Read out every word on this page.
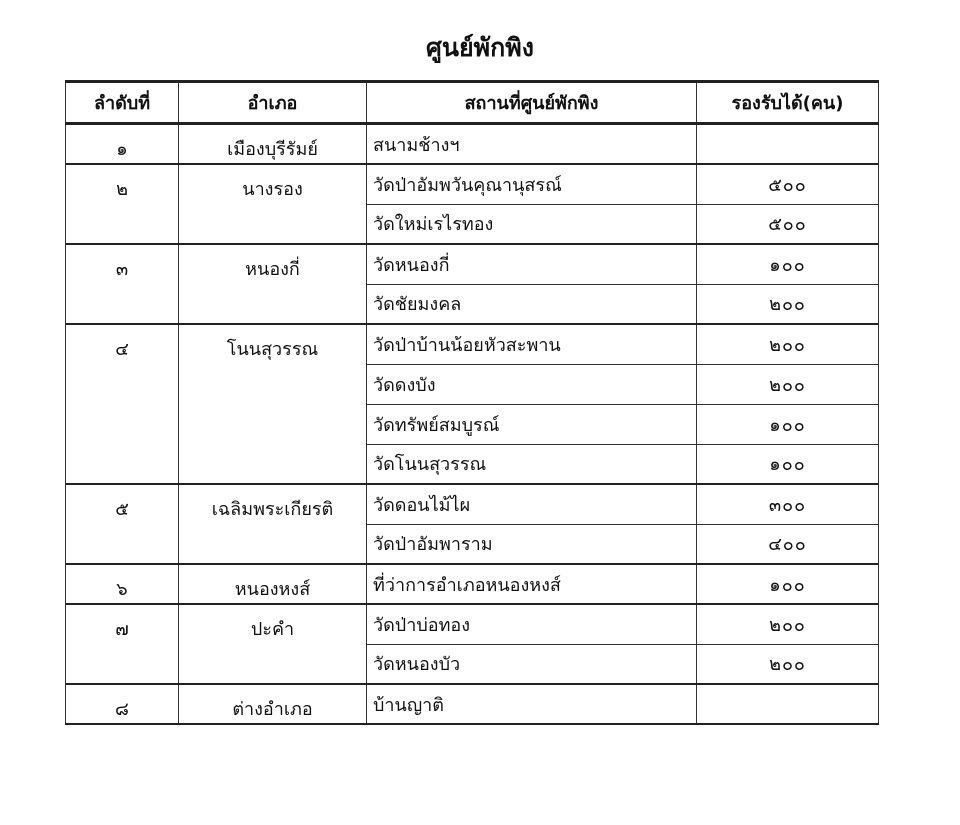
ศูนย์พักพิง
ลำดับที่	อำเภอ	สถานที่ศูนย์พักพิง	รองรับได้(คน)
๑	เมืองบุรีรัมย์	สนามช้างฯ	
๒	นางรอง	วัดป่าอัมพวันคุณานุสรณ์	๕๐๐
		วัดใหม่เรไรทอง	๕๐๐
๓	หนองกี่	วัดหนองกี่	๑๐๐
		วัดชัยมงคล	๒๐๐
๔	โนนสุวรรณ	วัดป่าบ้านน้อยหัวสะพาน	๒๐๐
		วัดดงบัง	๒๐๐
		วัดทรัพย์สมบูรณ์	๑๐๐
		วัดโนนสุวรรณ	๑๐๐
๕	เฉลิมพระเกียรติ	วัดดอนไม้ไผ	๓๐๐
		วัดป่าอัมพาราม	๔๐๐
๖	หนองหงส์	ที่ว่าการอำเภอหนองหงส์	๑๐๐
๗	ปะคำ	วัดป่าบ่อทอง	๒๐๐
		วัดหนองบัว	๒๐๐
๘	ต่างอำเภอ	บ้านญาติ	
